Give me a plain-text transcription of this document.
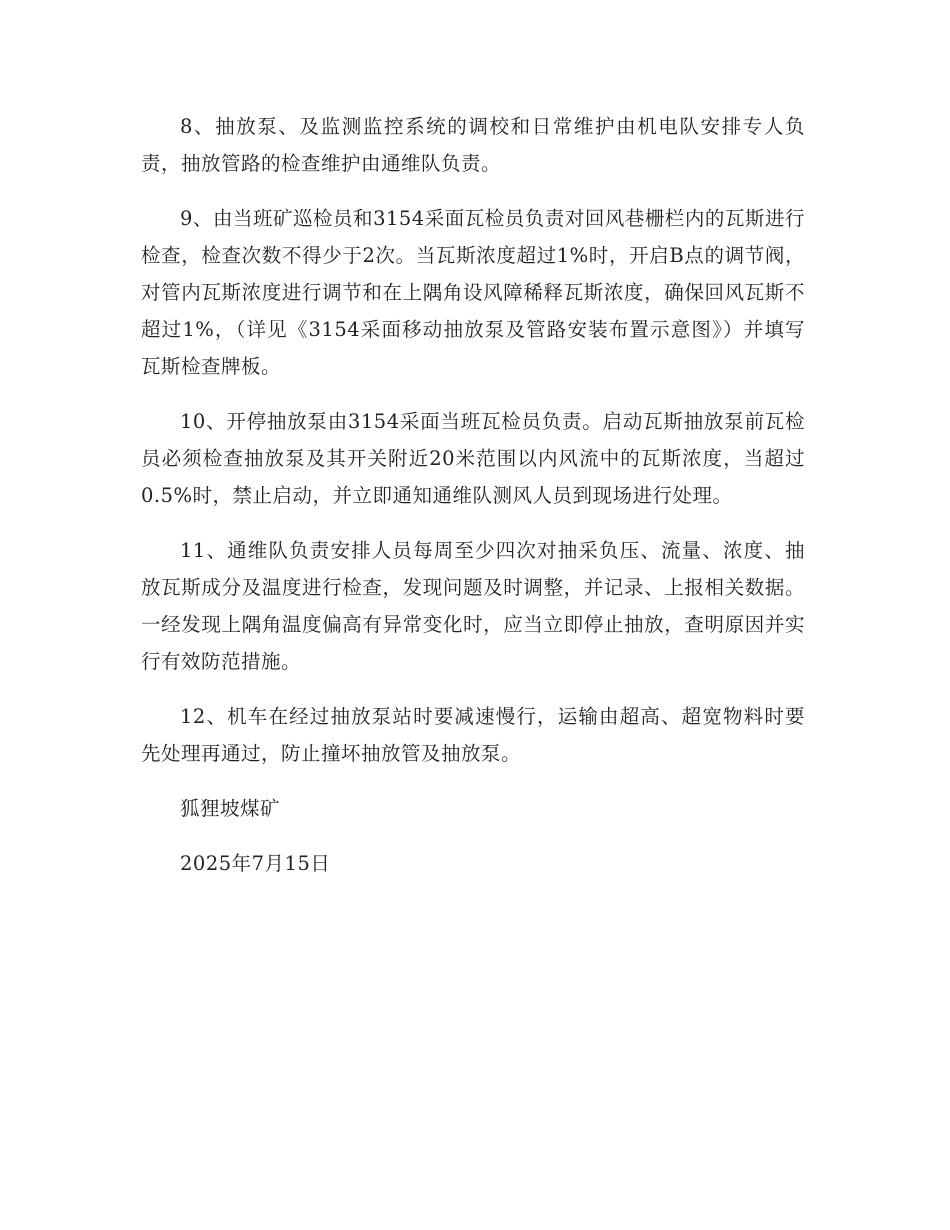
8、抽放泵、及监测监控系统的调校和日常维护由机电队安排专人负责，抽放管路的检查维护由通维队负责。

9、由当班矿巡检员和3154采面瓦检员负责对回风巷栅栏内的瓦斯进行检查，检查次数不得少于2次。当瓦斯浓度超过1%时，开启B点的调节阀，对管内瓦斯浓度进行调节和在上隅角设风障稀释瓦斯浓度，确保回风瓦斯不超过1%，（详见《3154采面移动抽放泵及管路安装布置示意图》）并填写瓦斯检查牌板。

10、开停抽放泵由3154采面当班瓦检员负责。启动瓦斯抽放泵前瓦检员必须检查抽放泵及其开关附近20米范围以内风流中的瓦斯浓度，当超过0.5%时，禁止启动，并立即通知通维队测风人员到现场进行处理。

11、通维队负责安排人员每周至少四次对抽采负压、流量、浓度、抽放瓦斯成分及温度进行检查，发现问题及时调整，并记录、上报相关数据。一经发现上隅角温度偏高有异常变化时，应当立即停止抽放，查明原因并实行有效防范措施。

12、机车在经过抽放泵站时要减速慢行，运输由超高、超宽物料时要先处理再通过，防止撞坏抽放管及抽放泵。

狐狸坡煤矿

2025年7月15日
